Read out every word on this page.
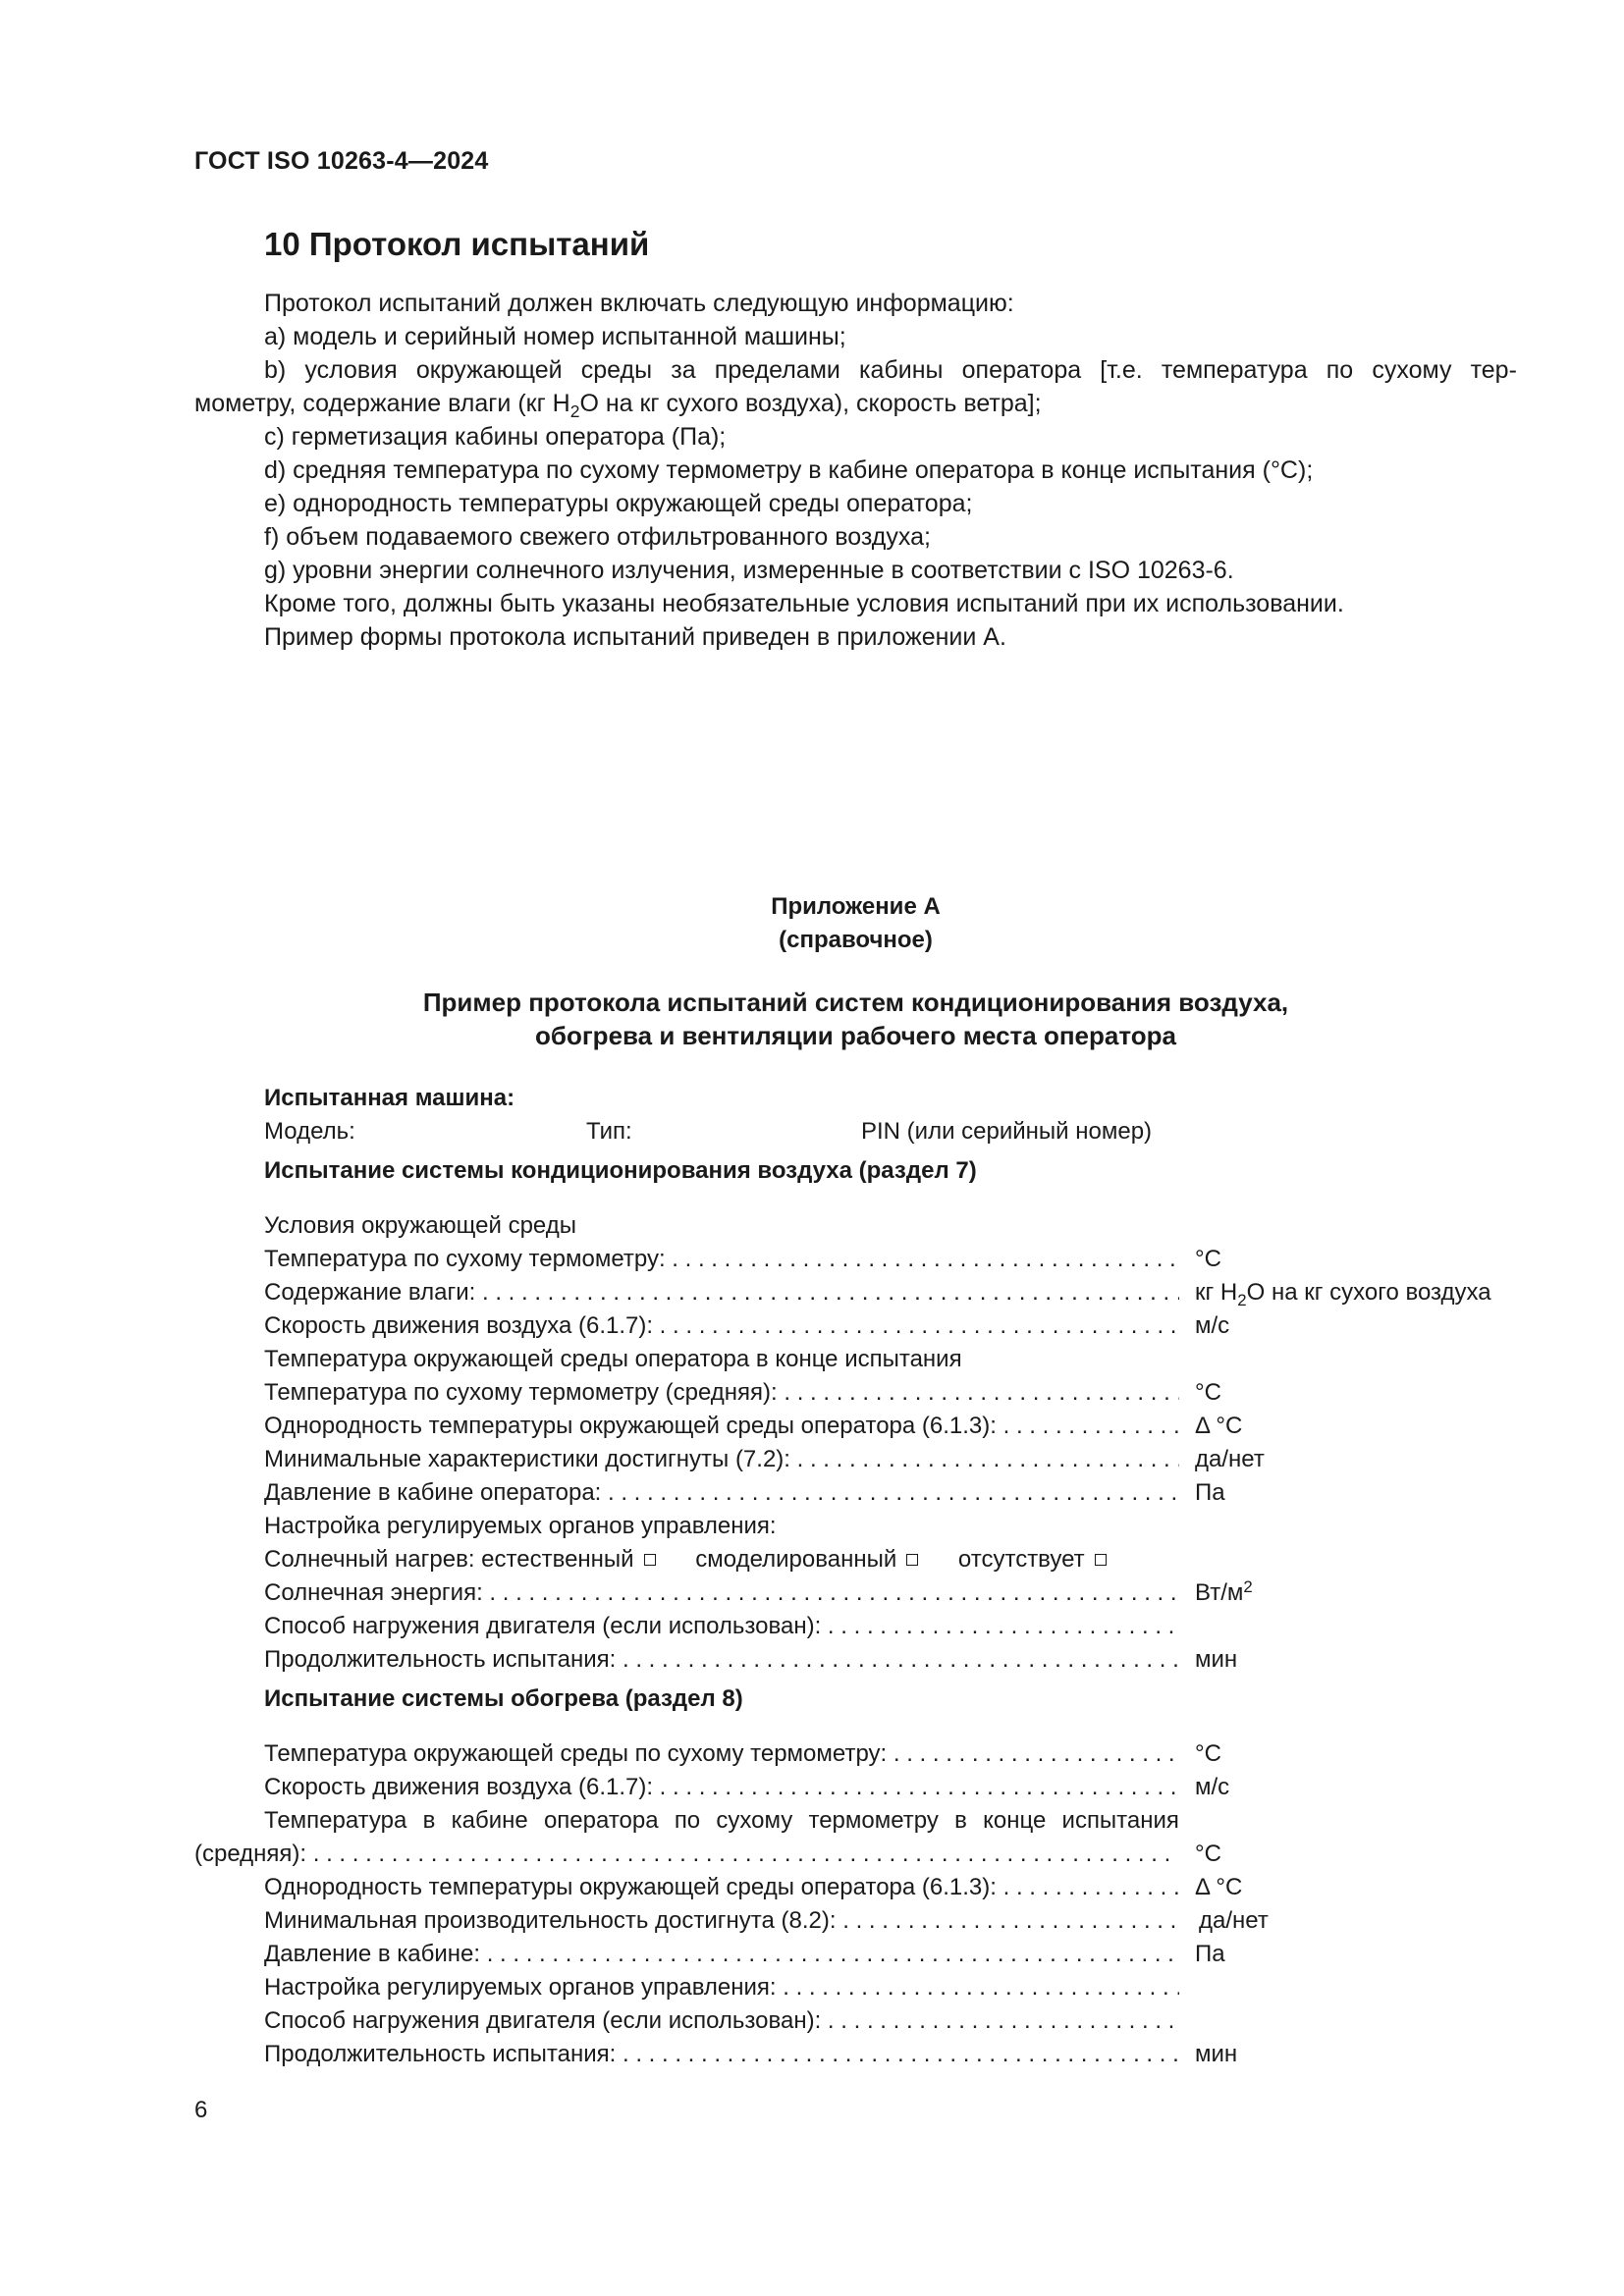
ГОСТ ISO 10263-4—2024
10 Протокол испытаний
Протокол испытаний должен включать следующую информацию:
a) модель и серийный номер испытанной машины;
b) условия окружающей среды за пределами кабины оператора [т.е. температура по сухому тер-
мометру, содержание влаги (кг $H_2O$ на кг сухого воздуха), скорость ветра];
c) герметизация кабины оператора (Па);
d) средняя температура по сухому термометру в кабине оператора в конце испытания (°С);
e) однородность температуры окружающей среды оператора;
f) объем подаваемого свежего отфильтрованного воздуха;
g) уровни энергии солнечного излучения, измеренные в соответствии с ISO 10263-6.
Кроме того, должны быть указаны необязательные условия испытаний при их использовании.
Пример формы протокола испытаний приведен в приложении А.
Приложение А
(справочное)
Пример протокола испытаний систем кондиционирования воздуха,
обогрева и вентиляции рабочего места оператора
Испытанная машина:
Модель:	Тип:	PIN (или серийный номер)
Испытание системы кондиционирования воздуха (раздел 7)
Условия окружающей среды
Температура по сухому термометру: . . .	°С
Содержание влаги: . . .	кг $H_2O$ на кг сухого воздуха
Скорость движения воздуха (6.1.7): . . .	м/с
Температура окружающей среды оператора в конце испытания
Температура по сухому термометру (средняя): . . .	°С
Однородность температуры окружающей среды оператора (6.1.3): . . .	Δ °С
Минимальные характеристики достигнуты (7.2): . . .	да/нет
Давление в кабине оператора: . . .	Па
Настройка регулируемых органов управления:
Солнечный нагрев: естественный	смоделированный	отсутствует
Солнечная энергия: . . .	$Вт/м^2$
Способ нагружения двигателя (если использован): . . .
Продолжительность испытания: . . .	мин
Испытание системы обогрева (раздел 8)
Температура окружающей среды по сухому термометру: . . .	°С
Скорость движения воздуха (6.1.7): . . .	м/с
Температура в кабине оператора по сухому термометру в конце испытания
(средняя): . . .	°С
Однородность температуры окружающей среды оператора (6.1.3): . . .	Δ °С
Минимальная производительность достигнута (8.2): . . .	да/нет
Давление в кабине: . . .	Па
Настройка регулируемых органов управления: . . .
Способ нагружения двигателя (если использован): . . .
Продолжительность испытания: . . .	мин
6
